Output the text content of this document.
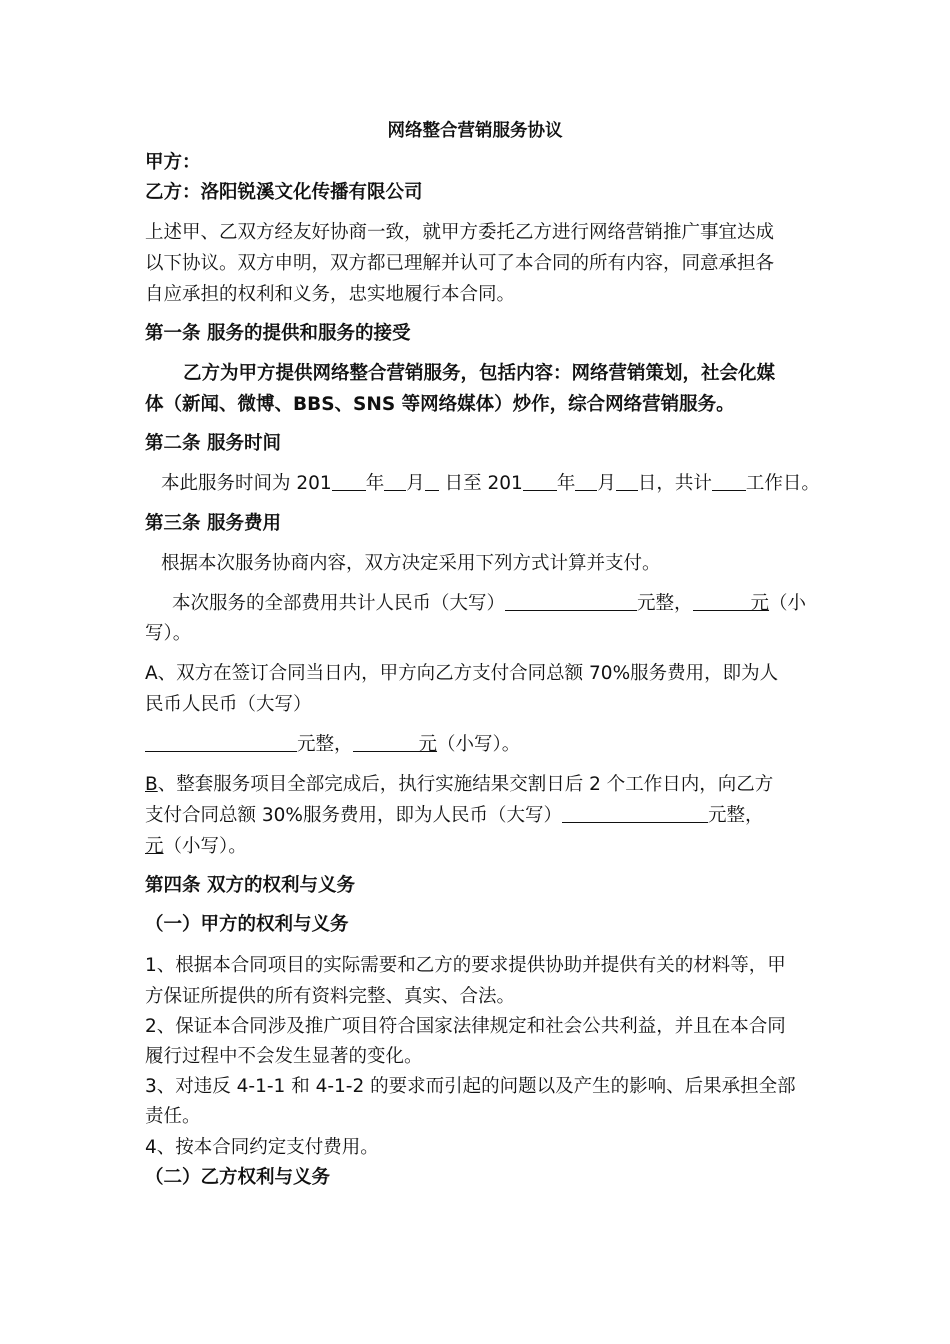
网络整合营销服务协议
甲方：
乙方：洛阳锐溪文化传播有限公司
上述甲、乙双方经友好协商一致，就甲方委托乙方进行网络营销推广事宜达成
以下协议。双方申明，双方都已理解并认可了本合同的所有内容，同意承担各
自应承担的权利和义务，忠实地履行本合同。
第一条 服务的提供和服务的接受
乙方为甲方提供网络整合营销服务，包括内容：网络营销策划，社会化媒
体（新闻、微博、BBS、SNS 等网络媒体）炒作，综合网络营销服务。
第二条 服务时间
本此服务时间为 201 年 月 日至 201 年 月 日，共计 工作日。
第三条 服务费用
根据本次服务协商内容，双方决定采用下列方式计算并支付。
本次服务的全部费用共计人民币（大写）	元整，	元（小
写）。
A、双方在签订合同当日内，甲方向乙方支付合同总额 70%服务费用，即为人
民币人民币（大写）
元整，	元（小写）。
B、整套服务项目全部完成后，执行实施结果交割日后 2 个工作日内，向乙方
支付合同总额 30%服务费用，即为人民币（大写）	元整，
元（小写）。
第四条 双方的权利与义务
（一）甲方的权利与义务
1、根据本合同项目的实际需要和乙方的要求提供协助并提供有关的材料等，甲
方保证所提供的所有资料完整、真实、合法。
2、保证本合同涉及推广项目符合国家法律规定和社会公共利益，并且在本合同
履行过程中不会发生显著的变化。
3、对违反 4-1-1 和 4-1-2 的要求而引起的问题以及产生的影响、后果承担全部
责任。
4、按本合同约定支付费用。
（二）乙方权利与义务
